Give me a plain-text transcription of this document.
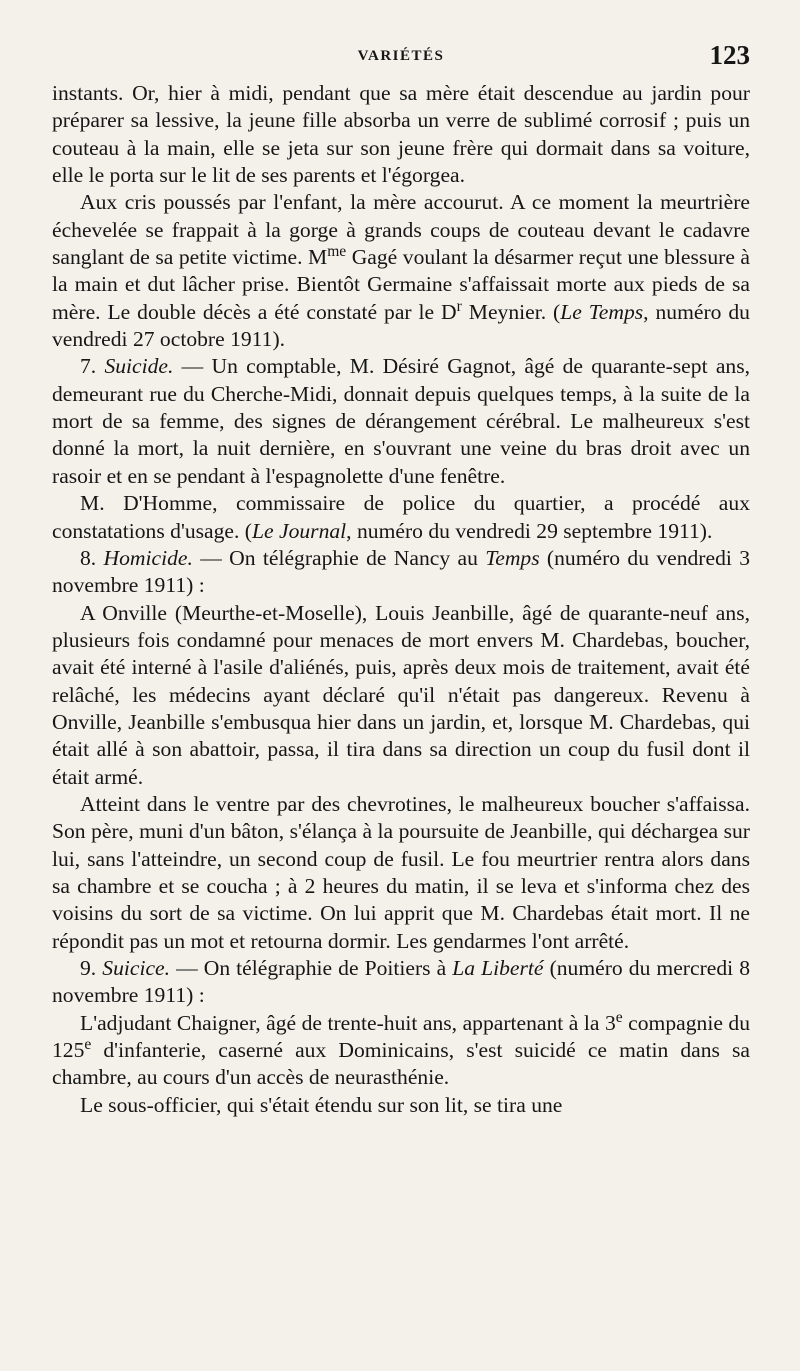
VARIÉTÉS	123

instants. Or, hier à midi, pendant que sa mère était descendue au jardin pour préparer sa lessive, la jeune fille absorba un verre de sublimé corrosif ; puis un couteau à la main, elle se jeta sur son jeune frère qui dormait dans sa voiture, elle le porta sur le lit de ses parents et l'égorgea.

Aux cris poussés par l'enfant, la mère accourut. A ce moment la meurtrière échevelée se frappait à la gorge à grands coups de couteau devant le cadavre sanglant de sa petite victime. $M^{me}$ Gagé voulant la désarmer reçut une blessure à la main et dut lâcher prise. Bientôt Germaine s'affaissait morte aux pieds de sa mère. Le double décès a été constaté par le $D^r$ Meynier. (Le Temps, numéro du vendredi 27 octobre 1911).

7. Suicide. — Un comptable, M. Désiré Gagnot, âgé de quarante-sept ans, demeurant rue du Cherche-Midi, donnait depuis quelques temps, à la suite de la mort de sa femme, des signes de dérangement cérébral. Le malheureux s'est donné la mort, la nuit dernière, en s'ouvrant une veine du bras droit avec un rasoir et en se pendant à l'espagnolette d'une fenêtre.

M. D'Homme, commissaire de police du quartier, a procédé aux constatations d'usage. (Le Journal, numéro du vendredi 29 septembre 1911).

8. Homicide. — On télégraphie de Nancy au Temps (numéro du vendredi 3 novembre 1911) :

A Onville (Meurthe-et-Moselle), Louis Jeanbille, âgé de quarante-neuf ans, plusieurs fois condamné pour menaces de mort envers M. Chardebas, boucher, avait été interné à l'asile d'aliénés, puis, après deux mois de traitement, avait été relâché, les médecins ayant déclaré qu'il n'était pas dangereux. Revenu à Onville, Jeanbille s'embusqua hier dans un jardin, et, lorsque M. Chardebas, qui était allé à son abattoir, passa, il tira dans sa direction un coup du fusil dont il était armé.

Atteint dans le ventre par des chevrotines, le malheureux boucher s'affaissa. Son père, muni d'un bâton, s'élança à la poursuite de Jeanbille, qui déchargea sur lui, sans l'atteindre, un second coup de fusil. Le fou meurtrier rentra alors dans sa chambre et se coucha ; à 2 heures du matin, il se leva et s'informa chez des voisins du sort de sa victime. On lui apprit que M. Chardebas était mort. Il ne répondit pas un mot et retourna dormir. Les gendarmes l'ont arrêté.

9. Suicice. — On télégraphie de Poitiers à La Liberté (numéro du mercredi 8 novembre 1911) :

L'adjudant Chaigner, âgé de trente-huit ans, appartenant à la 3e compagnie du 125e d'infanterie, caserné aux Dominicains, s'est suicidé ce matin dans sa chambre, au cours d'un accès de neurasthénie.

Le sous-officier, qui s'était étendu sur son lit, se tira une
